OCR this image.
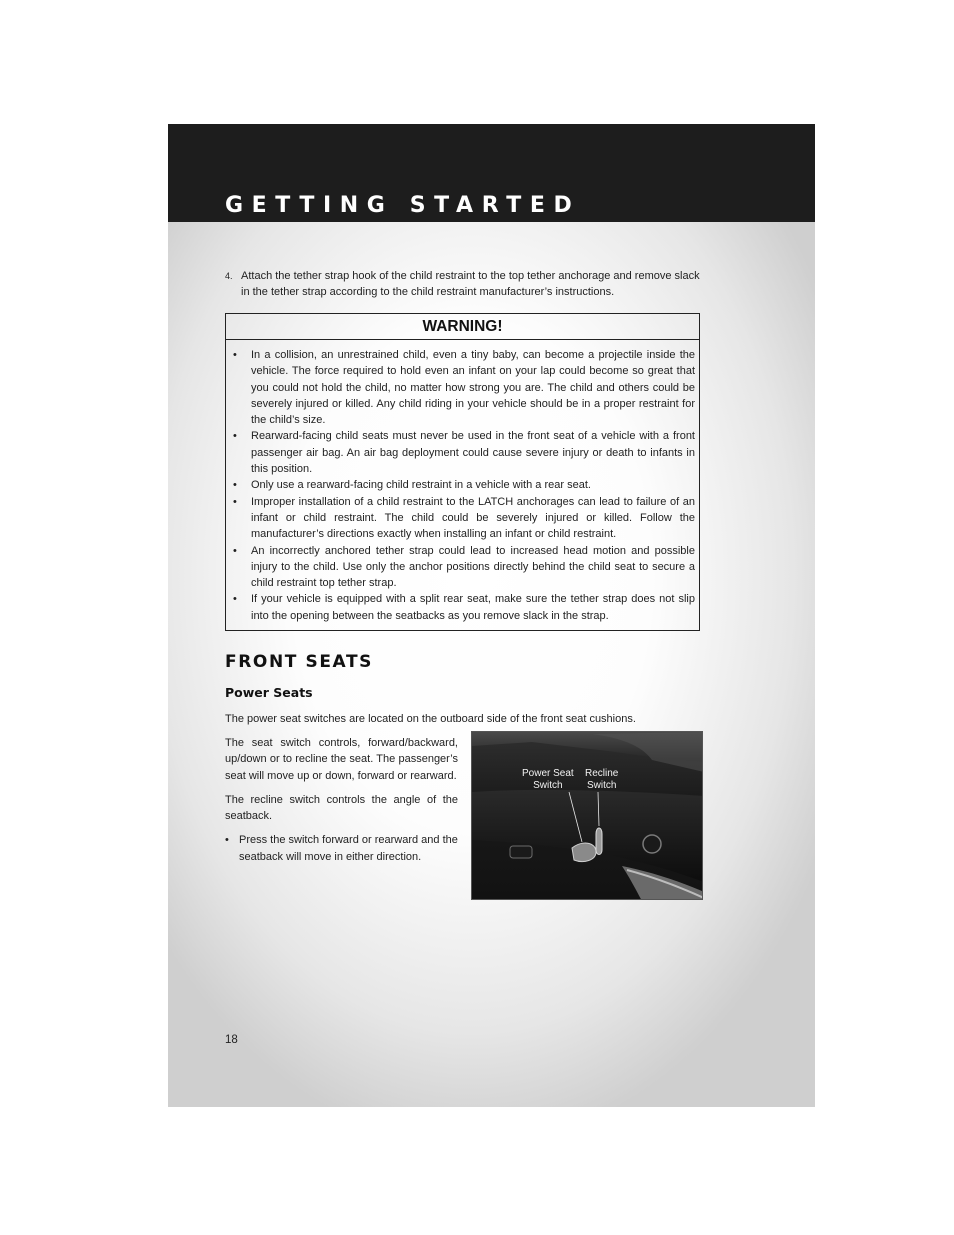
GETTING STARTED
4. Attach the tether strap hook of the child restraint to the top tether anchorage and remove slack in the tether strap according to the child restraint manufacturer’s instructions.
WARNING!
• In a collision, an unrestrained child, even a tiny baby, can become a projectile inside the vehicle. The force required to hold even an infant on your lap could become so great that you could not hold the child, no matter how strong you are. The child and others could be severely injured or killed. Any child riding in your vehicle should be in a proper restraint for the child’s size.
• Rearward-facing child seats must never be used in the front seat of a vehicle with a front passenger air bag. An air bag deployment could cause severe injury or death to infants in this position.
• Only use a rearward-facing child restraint in a vehicle with a rear seat.
• Improper installation of a child restraint to the LATCH anchorages can lead to failure of an infant or child restraint. The child could be severely injured or killed. Follow the manufacturer’s directions exactly when installing an infant or child restraint.
• An incorrectly anchored tether strap could lead to increased head motion and possible injury to the child. Use only the anchor positions directly behind the child seat to secure a child restraint top tether strap.
• If your vehicle is equipped with a split rear seat, make sure the tether strap does not slip into the opening between the seatbacks as you remove slack in the strap.
FRONT SEATS
Power Seats
The power seat switches are located on the outboard side of the front seat cushions.

The seat switch controls, forward/backward, up/down or to recline the seat. The passenger’s seat will move up or down, forward or rearward.

The recline switch controls the angle of the seatback.

• Press the switch forward or rearward and the seatback will move in either direction.
Power Seat
Switch
Recline
Switch
18
